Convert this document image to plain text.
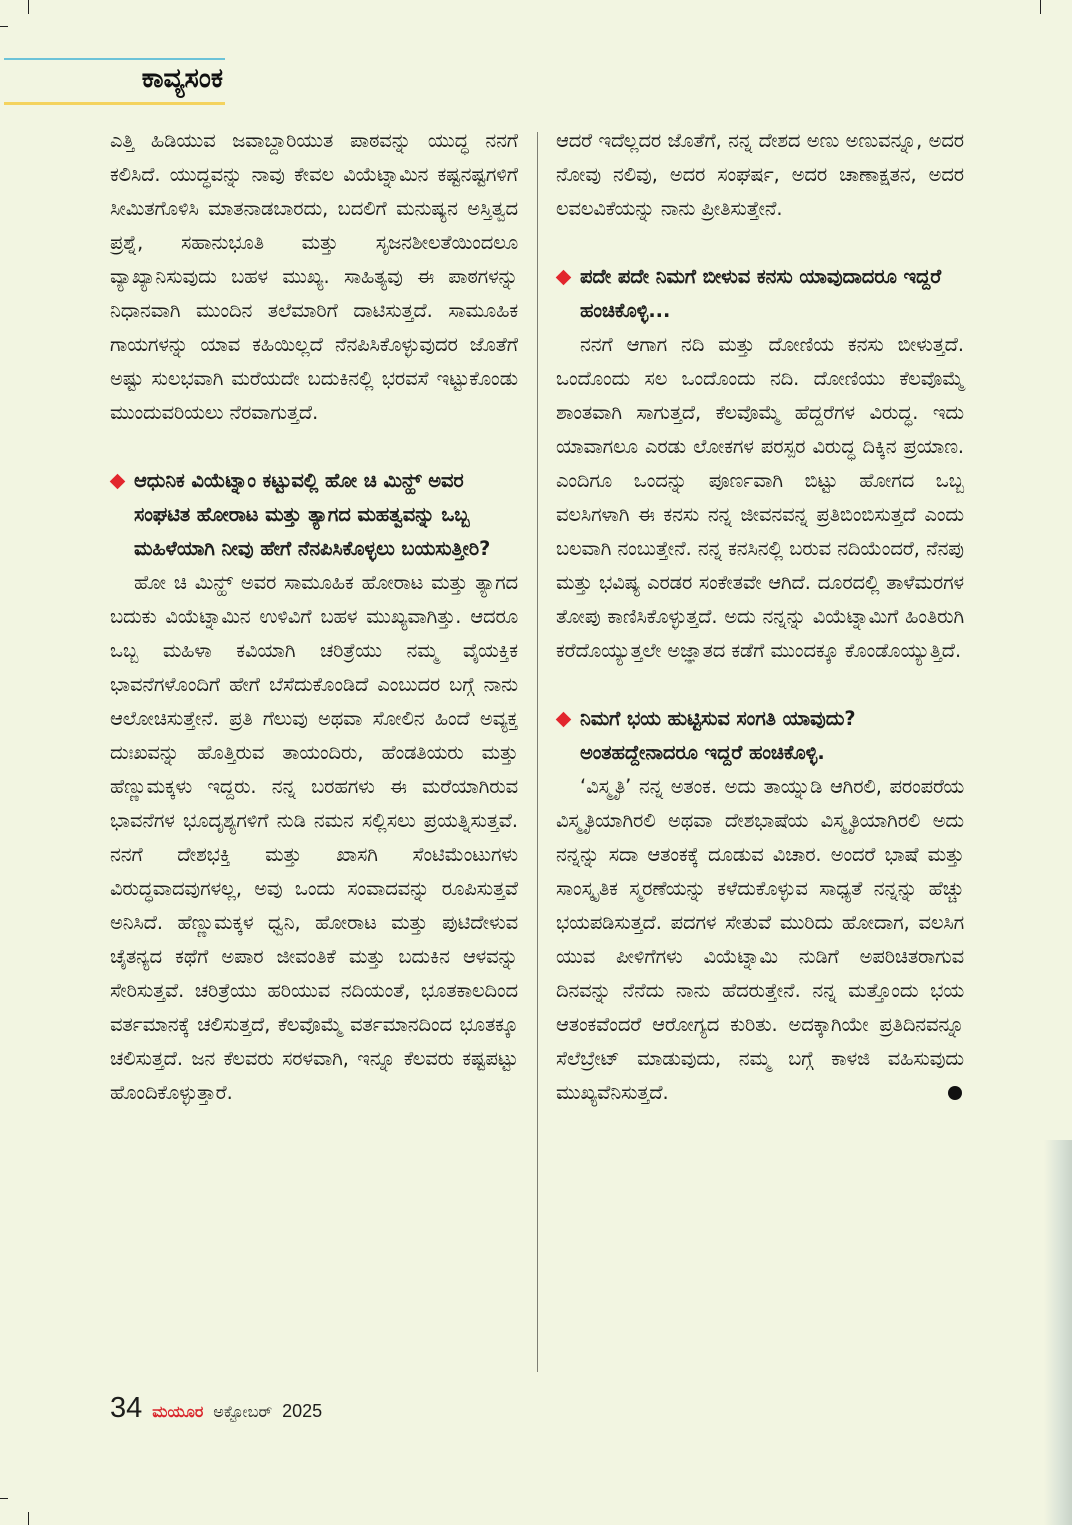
ಕಾವ್ಯಸಂಕ

ಎತ್ತಿ ಹಿಡಿಯುವ ಜವಾಬ್ದಾರಿಯುತ ಪಾಠವನ್ನು ಯುದ್ಧ ನನಗೆ ಕಲಿಸಿದೆ. ಯುದ್ಧವನ್ನು ನಾವು ಕೇವಲ ವಿಯೆಟ್ನಾಮಿನ ಕಷ್ಟನಷ್ಟಗಳಿಗೆ ಸೀಮಿತಗೊಳಿಸಿ ಮಾತನಾಡಬಾರದು, ಬದಲಿಗೆ ಮನುಷ್ಯನ ಅಸ್ತಿತ್ವದ ಪ್ರಶ್ನೆ, ಸಹಾನುಭೂತಿ ಮತ್ತು ಸೃಜನಶೀಲತೆಯಿಂದಲೂ ವ್ಯಾಖ್ಯಾನಿಸುವುದು ಬಹಳ ಮುಖ್ಯ. ಸಾಹಿತ್ಯವು ಈ ಪಾಠಗಳನ್ನು ನಿಧಾನವಾಗಿ ಮುಂದಿನ ತಲೆಮಾರಿಗೆ ದಾಟಿಸುತ್ತದೆ. ಸಾಮೂಹಿಕ ಗಾಯಗಳನ್ನು ಯಾವ ಕಹಿಯಿಲ್ಲದೆ ನೆನಪಿಸಿಕೊಳ್ಳುವುದರ ಜೊತೆಗೆ ಅಷ್ಟು ಸುಲಭವಾಗಿ ಮರೆಯದೇ ಬದುಕಿನಲ್ಲಿ ಭರವಸೆ ಇಟ್ಟುಕೊಂಡು ಮುಂದುವರಿಯಲು ನೆರವಾಗುತ್ತದೆ.

ಆಧುನಿಕ ವಿಯೆಟ್ನಾಂ ಕಟ್ಟುವಲ್ಲಿ ಹೋ ಚಿ ಮಿನ್ಹ್ ಅವರ ಸಂಘಟಿತ ಹೋರಾಟ ಮತ್ತು ತ್ಯಾಗದ ಮಹತ್ವವನ್ನು ಒಬ್ಬ ಮಹಿಳೆಯಾಗಿ ನೀವು ಹೇಗೆ ನೆನಪಿಸಿಕೊಳ್ಳಲು ಬಯಸುತ್ತೀರಿ?

ಹೋ ಚಿ ಮಿನ್ಹ್ ಅವರ ಸಾಮೂಹಿಕ ಹೋರಾಟ ಮತ್ತು ತ್ಯಾಗದ ಬದುಕು ವಿಯೆಟ್ನಾಮಿನ ಉಳಿವಿಗೆ ಬಹಳ ಮುಖ್ಯವಾಗಿತ್ತು. ಆದರೂ ಒಬ್ಬ ಮಹಿಳಾ ಕವಿಯಾಗಿ ಚರಿತ್ರೆಯು ನಮ್ಮ ವೈಯಕ್ತಿಕ ಭಾವನೆಗಳೊಂದಿಗೆ ಹೇಗೆ ಬೆಸೆದುಕೊಂಡಿದೆ ಎಂಬುದರ ಬಗ್ಗೆ ನಾನು ಆಲೋಚಿಸುತ್ತೇನೆ. ಪ್ರತಿ ಗೆಲುವು ಅಥವಾ ಸೋಲಿನ ಹಿಂದೆ ಅವ್ಯಕ್ತ ದುಃಖವನ್ನು ಹೊತ್ತಿರುವ ತಾಯಂದಿರು, ಹೆಂಡತಿಯರು ಮತ್ತು ಹೆಣ್ಣುಮಕ್ಕಳು ಇದ್ದರು. ನನ್ನ ಬರಹಗಳು ಈ ಮರೆಯಾಗಿರುವ ಭಾವನೆಗಳ ಭೂದೃಶ್ಯಗಳಿಗೆ ನುಡಿ ನಮನ ಸಲ್ಲಿಸಲು ಪ್ರಯತ್ನಿಸುತ್ತವೆ. ನನಗೆ ದೇಶಭಕ್ತಿ ಮತ್ತು ಖಾಸಗಿ ಸೆಂಟಿಮೆಂಟುಗಳು ವಿರುದ್ಧವಾದವುಗಳಲ್ಲ, ಅವು ಒಂದು ಸಂವಾದವನ್ನು ರೂಪಿಸುತ್ತವೆ ಅನಿಸಿದೆ. ಹೆಣ್ಣುಮಕ್ಕಳ ಧ್ವನಿ, ಹೋರಾಟ ಮತ್ತು ಪುಟಿದೇಳುವ ಚೈತನ್ಯದ ಕಥೆಗೆ ಅಪಾರ ಜೀವಂತಿಕೆ ಮತ್ತು ಬದುಕಿನ ಆಳವನ್ನು ಸೇರಿಸುತ್ತವೆ. ಚರಿತ್ರೆಯು ಹರಿಯುವ ನದಿಯಂತೆ, ಭೂತಕಾಲದಿಂದ ವರ್ತಮಾನಕ್ಕೆ ಚಲಿಸುತ್ತದೆ, ಕೆಲವೊಮ್ಮೆ ವರ್ತಮಾನದಿಂದ ಭೂತಕ್ಕೂ ಚಲಿಸುತ್ತದೆ. ಜನ ಕೆಲವರು ಸರಳವಾಗಿ, ಇನ್ನೂ ಕೆಲವರು ಕಷ್ಟಪಟ್ಟು ಹೊಂದಿಕೊಳ್ಳುತ್ತಾರೆ.

ಆದರೆ ಇದೆಲ್ಲದರ ಜೊತೆಗೆ, ನನ್ನ ದೇಶದ ಅಣು ಅಣುವನ್ನೂ, ಅದರ ನೋವು ನಲಿವು, ಅದರ ಸಂಘರ್ಷ, ಅದರ ಚಾಣಾಕ್ಷತನ, ಅದರ ಲವಲವಿಕೆಯನ್ನು ನಾನು ಪ್ರೀತಿಸುತ್ತೇನೆ.

ಪದೇ ಪದೇ ನಿಮಗೆ ಬೀಳುವ ಕನಸು ಯಾವುದಾದರೂ ಇದ್ದರೆ ಹಂಚಿಕೊಳ್ಳಿ...

ನನಗೆ ಆಗಾಗ ನದಿ ಮತ್ತು ದೋಣಿಯ ಕನಸು ಬೀಳುತ್ತದೆ. ಒಂದೊಂದು ಸಲ ಒಂದೊಂದು ನದಿ. ದೋಣಿಯು ಕೆಲವೊಮ್ಮೆ ಶಾಂತವಾಗಿ ಸಾಗುತ್ತದೆ, ಕೆಲವೊಮ್ಮೆ ಹೆದ್ದರೆಗಳ ವಿರುದ್ಧ. ಇದು ಯಾವಾಗಲೂ ಎರಡು ಲೋಕಗಳ ಪರಸ್ಪರ ವಿರುದ್ಧ ದಿಕ್ಕಿನ ಪ್ರಯಾಣ. ಎಂದಿಗೂ ಒಂದನ್ನು ಪೂರ್ಣವಾಗಿ ಬಿಟ್ಟು ಹೋಗದ ಒಬ್ಬ ವಲಸಿಗಳಾಗಿ ಈ ಕನಸು ನನ್ನ ಜೀವನವನ್ನ ಪ್ರತಿಬಿಂಬಿಸುತ್ತದೆ ಎಂದು ಬಲವಾಗಿ ನಂಬುತ್ತೇನೆ. ನನ್ನ ಕನಸಿನಲ್ಲಿ ಬರುವ ನದಿಯೆಂದರೆ, ನೆನಪು ಮತ್ತು ಭವಿಷ್ಯ ಎರಡರ ಸಂಕೇತವೇ ಆಗಿದೆ. ದೂರದಲ್ಲಿ ತಾಳೆಮರಗಳ ತೋಪು ಕಾಣಿಸಿಕೊಳ್ಳುತ್ತದೆ. ಅದು ನನ್ನನ್ನು ವಿಯೆಟ್ನಾಮಿಗೆ ಹಿಂತಿರುಗಿ ಕರೆದೊಯ್ಯುತ್ತಲೇ ಅಜ್ಞಾತದ ಕಡೆಗೆ ಮುಂದಕ್ಕೂ ಕೊಂಡೊಯ್ಯುತ್ತಿದೆ.

ನಿಮಗೆ ಭಯ ಹುಟ್ಟಿಸುವ ಸಂಗತಿ ಯಾವುದು? ಅಂತಹದ್ದೇನಾದರೂ ಇದ್ದರೆ ಹಂಚಿಕೊಳ್ಳಿ.

‘ವಿಸ್ಮೃತಿ’ ನನ್ನ ಅತಂಕ. ಅದು ತಾಯ್ನುಡಿ ಆಗಿರಲಿ, ಪರಂಪರೆಯ ವಿಸ್ಮೃತಿಯಾಗಿರಲಿ ಅಥವಾ ದೇಶಭಾಷೆಯ ವಿಸ್ಮೃತಿಯಾಗಿರಲಿ ಅದು ನನ್ನನ್ನು ಸದಾ ಆತಂಕಕ್ಕೆ ದೂಡುವ ವಿಚಾರ. ಅಂದರೆ ಭಾಷೆ ಮತ್ತು ಸಾಂಸ್ಕೃತಿಕ ಸ್ಮರಣೆಯನ್ನು ಕಳೆದುಕೊಳ್ಳುವ ಸಾಧ್ಯತೆ ನನ್ನನ್ನು ಹೆಚ್ಚು ಭಯಪಡಿಸುತ್ತದೆ. ಪದಗಳ ಸೇತುವೆ ಮುರಿದು ಹೋದಾಗ, ವಲಸಿಗ ಯುವ ಪೀಳಿಗೆಗಳು ವಿಯೆಟ್ನಾಮಿ ನುಡಿಗೆ ಅಪರಿಚಿತರಾಗುವ ದಿನವನ್ನು ನೆನೆದು ನಾನು ಹೆದರುತ್ತೇನೆ. ನನ್ನ ಮತ್ತೊಂದು ಭಯ ಆತಂಕವೆಂದರೆ ಆರೋಗ್ಯದ ಕುರಿತು. ಅದಕ್ಕಾಗಿಯೇ ಪ್ರತಿದಿನವನ್ನೂ ಸೆಲೆಬ್ರೇಟ್ ಮಾಡುವುದು, ನಮ್ಮ ಬಗ್ಗೆ ಕಾಳಜಿ ವಹಿಸುವುದು ಮುಖ್ಯವೆನಿಸುತ್ತದೆ.

34 ಮಯೂರ ಅಕ್ಟೋಬರ್ 2025
